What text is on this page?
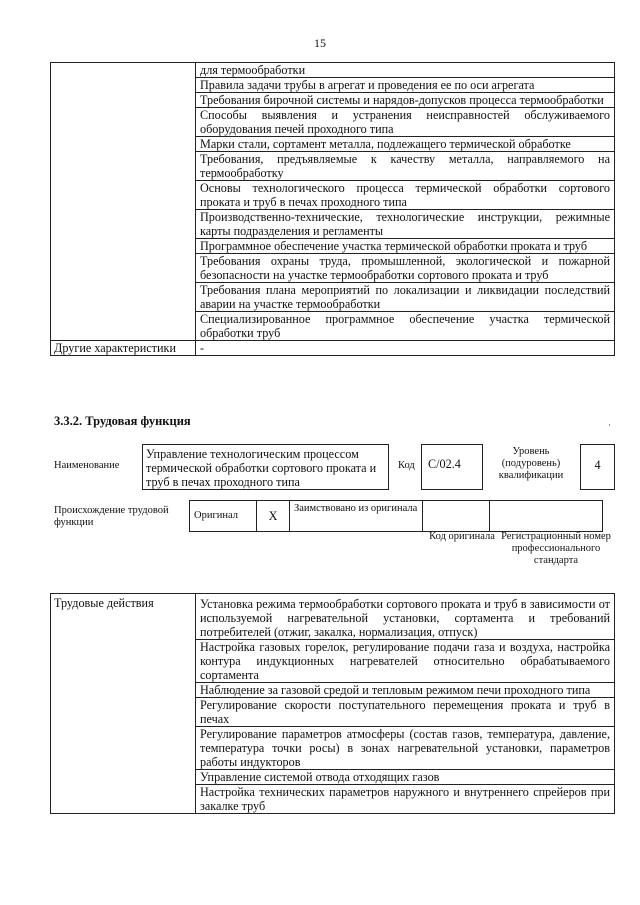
15
	для термообработки
	Правила задачи трубы в агрегат и проведения ее по оси агрегата
	Требования бирочной системы и нарядов-допусков процесса термообработки
	Способы выявления и устранения неисправностей обслуживаемого оборудования печей проходного типа
	Марки стали, сортамент металла, подлежащего термической обработке
	Требования, предъявляемые к качеству металла, направляемого на термообработку
	Основы технологического процесса термической обработки сортового проката и труб в печах проходного типа
	Производственно-технические, технологические инструкции, режимные карты подразделения и регламенты
	Программное обеспечение участка термической обработки проката и труб
	Требования охраны труда, промышленной, экологической и пожарной безопасности на участке термообработки сортового проката и труб
	Требования плана мероприятий по локализации и ликвидации последствий аварии на участке термообработки
	Специализированное программное обеспечение участка термической обработки труб
Другие характеристики	-
·
3.3.2. Трудовая функция
Наименование
Управление технологическим процессом термической обработки сортового проката и труб в печах проходного типа
Код	C/02.4
Уровень (подуровень) квалификации
4
Происхождение трудовой функции
Оригинал	X	Заимствовано из оригинала		
Код оригинала Регистрационный номер профессионального стандарта
Трудовые действия	Установка режима термообработки сортового проката и труб в зависимости от используемой нагревательной установки, сортамента и требований потребителей (отжиг, закалка, нормализация, отпуск)
Настройка газовых горелок, регулирование подачи газа и воздуха, настройка контура индукционных нагревателей относительно обрабатываемого сортамента
Наблюдение за газовой средой и тепловым режимом печи проходного типа
Регулирование скорости поступательного перемещения проката и труб в печах
Регулирование параметров атмосферы (состав газов, температура, давление, температура точки росы) в зонах нагревательной установки, параметров работы индукторов
Управление системой отвода отходящих газов
Настройка технических параметров наружного и внутреннего спрейеров при закалке труб
